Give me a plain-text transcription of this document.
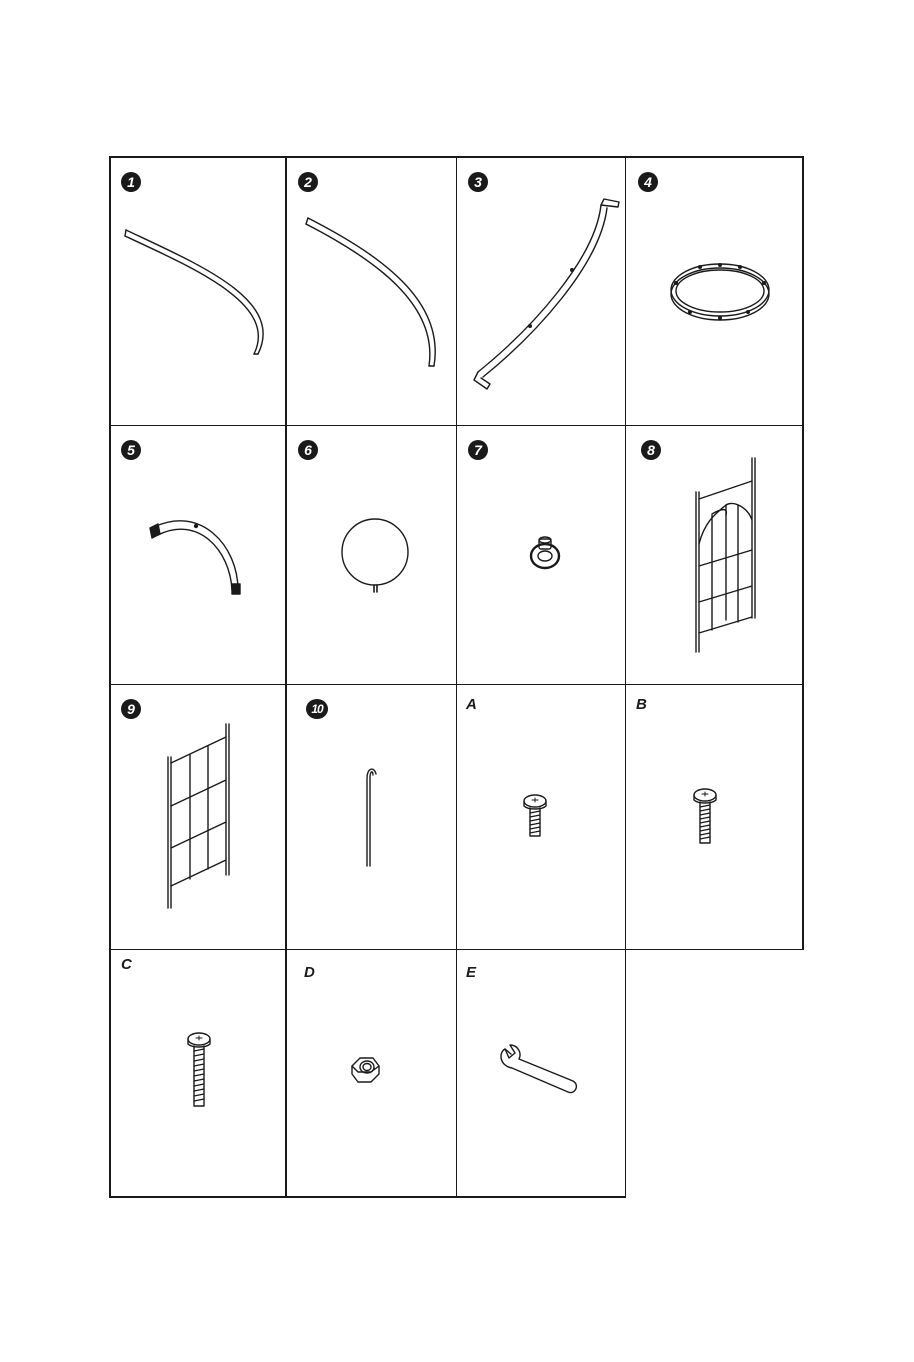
1	2	3	4
5	6	7	8
9	10	A	B
C	D	E
